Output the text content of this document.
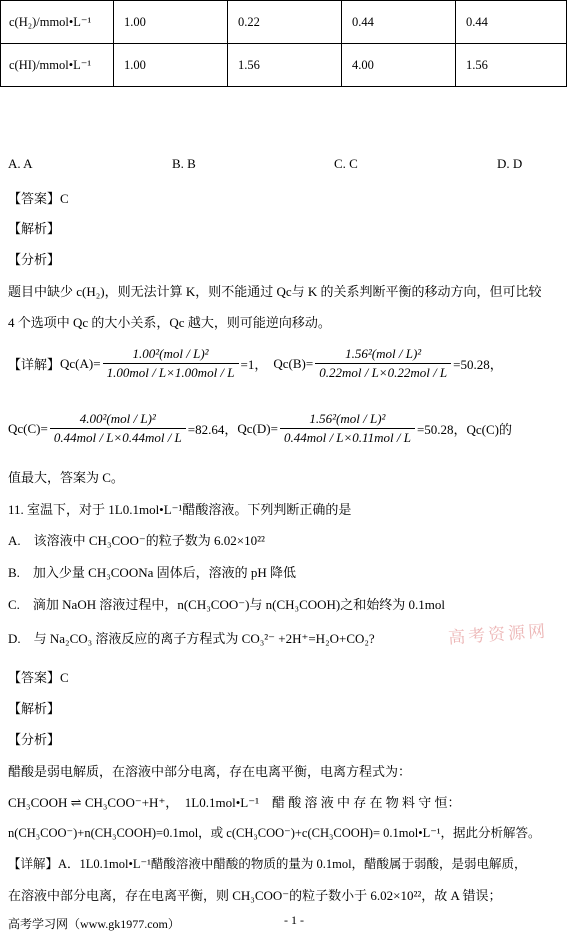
c(H₂)/mmol•L⁻¹	1.00	0.22	0.44	0.44
c(HI)/mmol•L⁻¹	1.00	1.56	4.00	1.56
A. A	B. B	C. C	D. D
【答案】C
【解析】
【分析】
题目中缺少 c(H₂)，则无法计算 K，则不能通过 Qc与 K 的关系判断平衡的移动方向，但可比较
4 个选项中 Qc 的大小关系，Qc 越大，则可能逆向移动。
【详解】 $Qc(A)= \frac{\text{1.00²(mol / L)²}}{\text{1.00mol / L×1.00mol / L}} =1$， $Qc(B)= \frac{\text{1.56²(mol / L)²}}{\text{0.22mol / L×0.22mol / L}} =50.28$，
$Qc(C)= \frac{\text{4.00²(mol / L)²}}{\text{0.44mol / L×0.44mol / L}} =82.64$， $Qc(D)= \frac{\text{1.56²(mol / L)²}}{\text{0.44mol / L×0.11mol / L}} =50.28$，Qc(C)的
值最大，答案为 C。
11. 室温下，对于 1L0.1mol•L⁻¹醋酸溶液。下列判断正确的是
A.　该溶液中 CH₃COO⁻的粒子数为 6.02×10²²
B.　加入少量 CH₃COONa 固体后，溶液的 pH 降低
C.　滴加 NaOH 溶液过程中，n(CH₃COO⁻)与 n(CH₃COOH)之和始终为 0.1mol
D.　与 Na₂CO₃ 溶液反应的离子方程式为 CO₃²⁻ +2H⁺=H₂O+CO₂?	高考资源网
【答案】C
【解析】
【分析】
醋酸是弱电解质，在溶液中部分电离，存在电离平衡，电离方程式为：
CH₃COOH ⇌ CH₃COO⁻+H⁺，　1L0.1mol•L⁻¹　醋 酸 溶 液 中 存 在 物 料 守 恒：
n(CH₃COO⁻)+n(CH₃COOH)=0.1mol，或 c(CH₃COO⁻)+c(CH₃COOH)= 0.1mol•L⁻¹，据此分析解答。
【详解】A．1L0.1mol•L⁻¹醋酸溶液中醋酸的物质的量为 0.1mol，醋酸属于弱酸，是弱电解质，
在溶液中部分电离，存在电离平衡，则 CH₃COO⁻的粒子数小于 6.02×10²²，故 A 错误；
高考学习网（www.gk1977.com）	- 1 -
